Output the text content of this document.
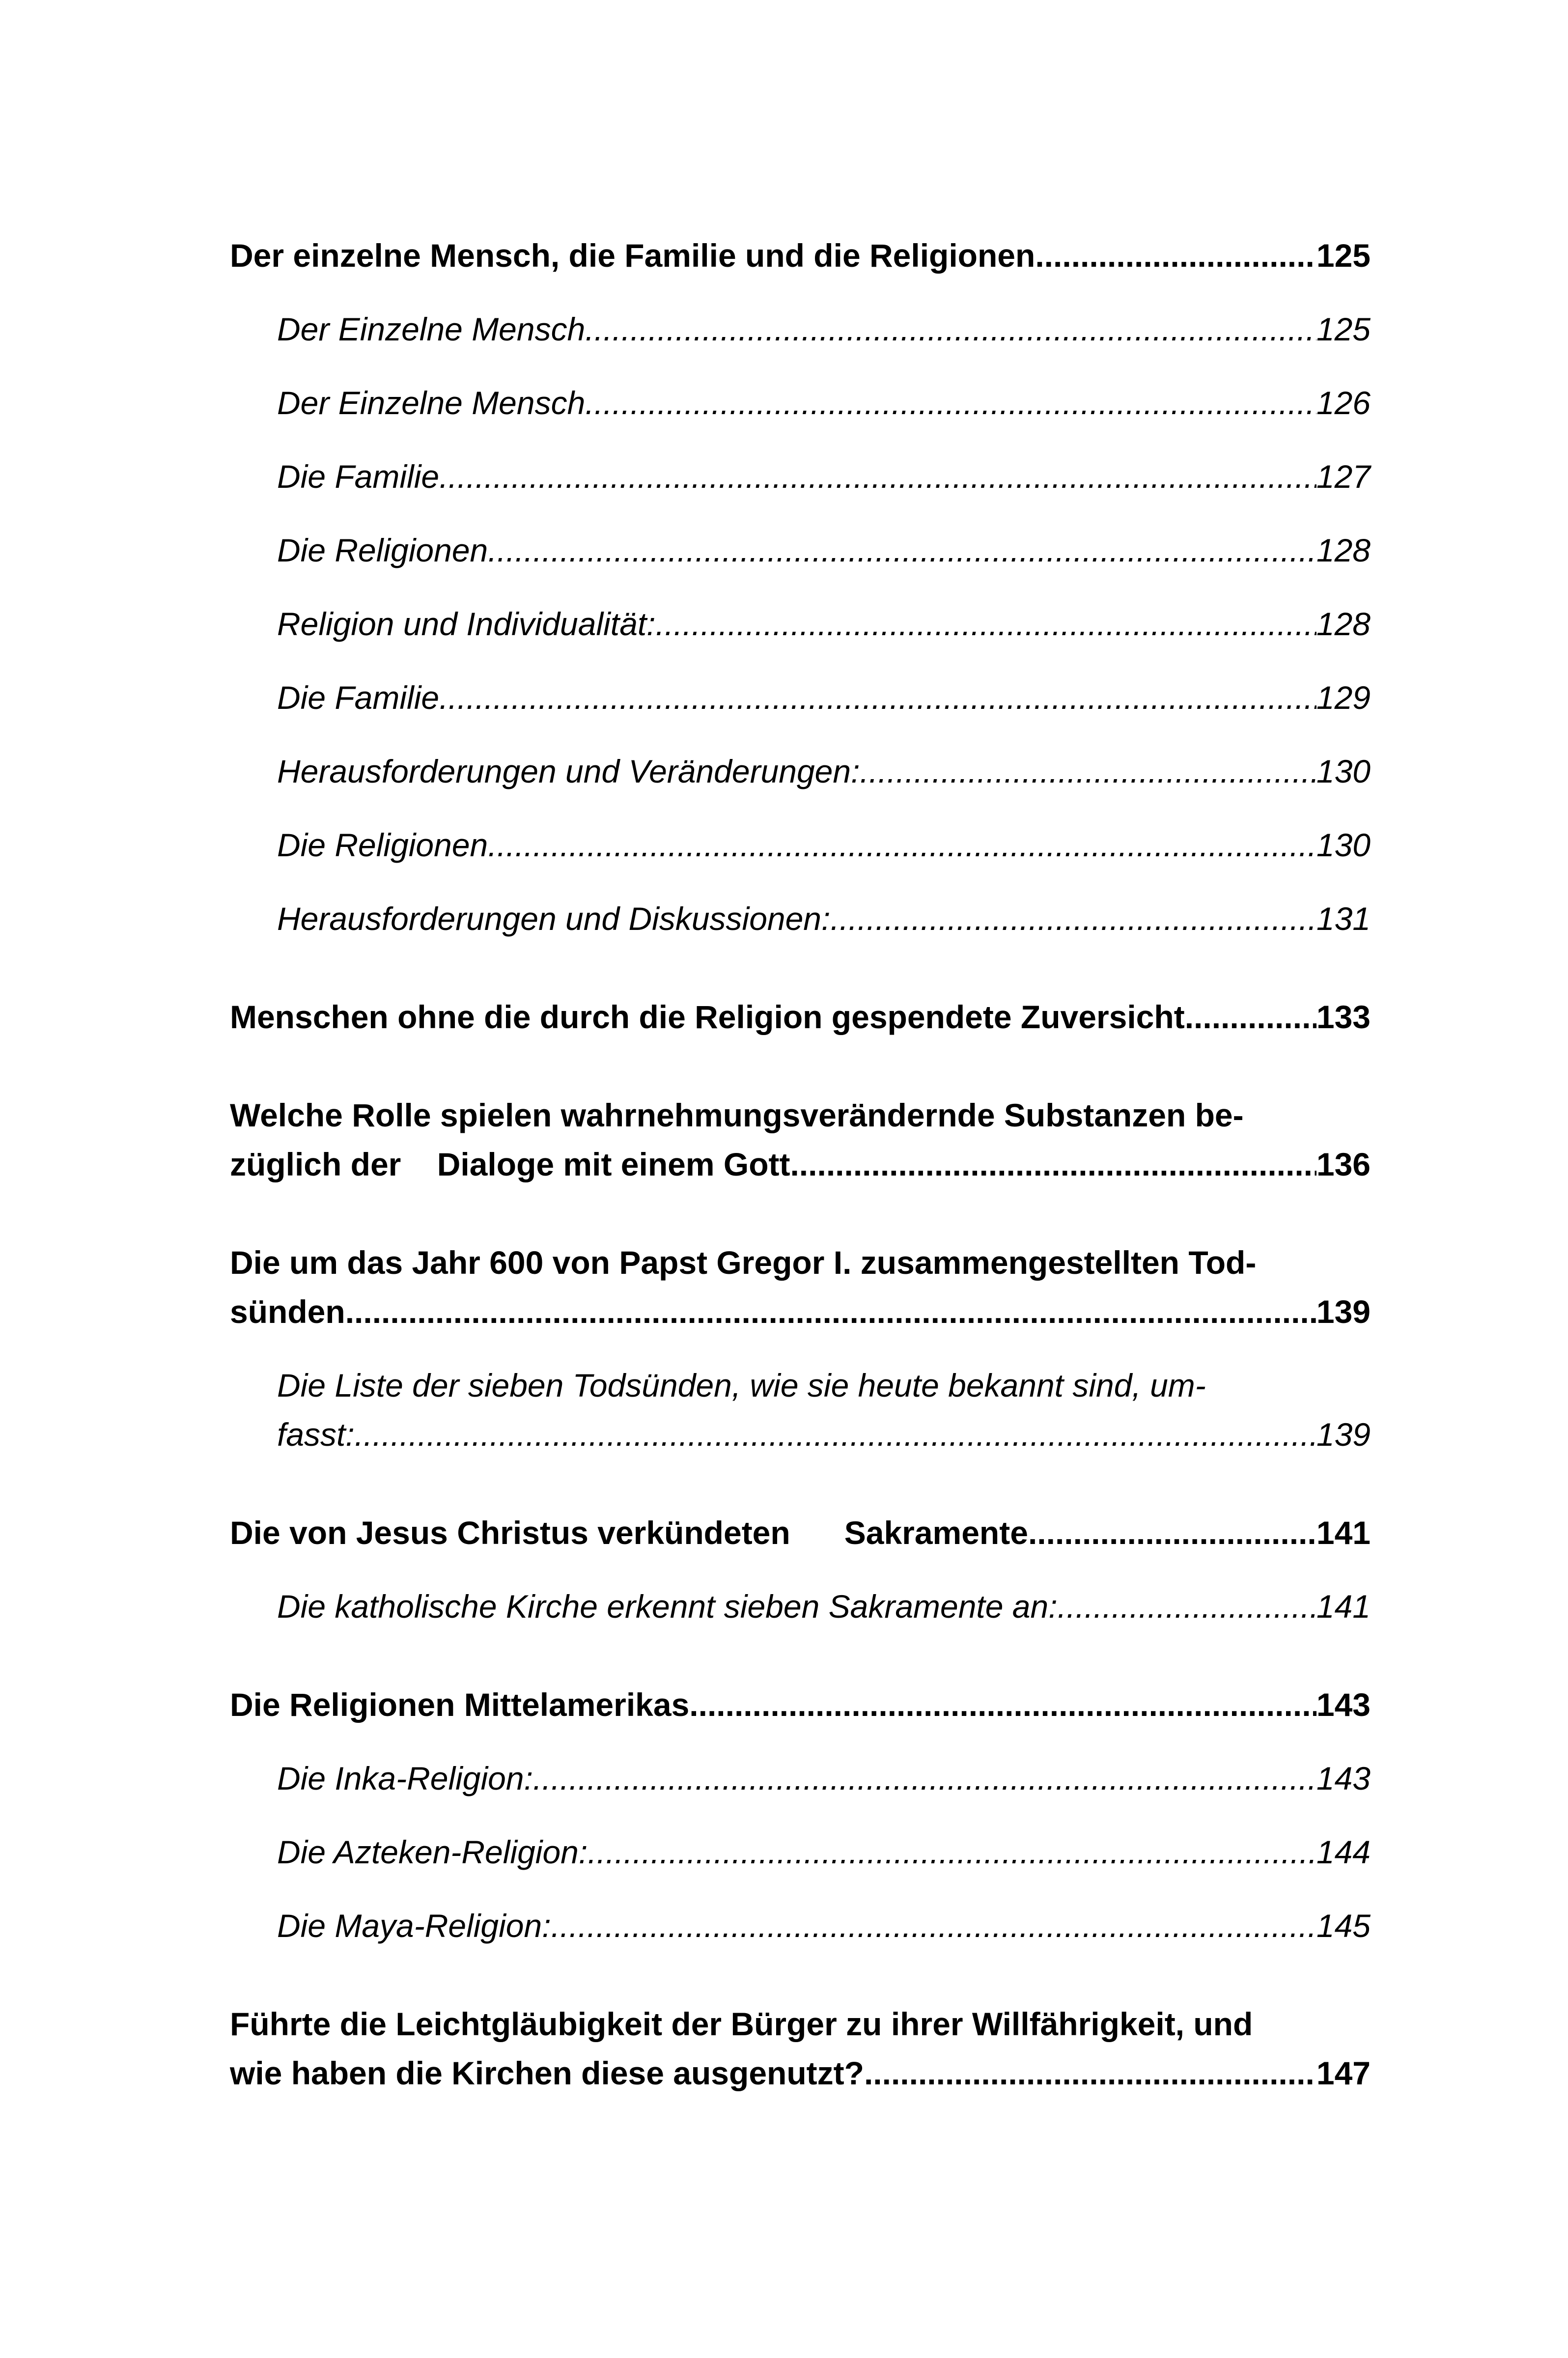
Der einzelne Mensch, die Familie und die Religionen .....	125
Der Einzelne Mensch .....	125
Der Einzelne Mensch .....	126
Die Familie .....	127
Die Religionen .....	128
Religion und Individualität: .....	128
Die Familie .....	129
Herausforderungen und Veränderungen: .....	130
Die Religionen .....	130
Herausforderungen und Diskussionen: .....	131
Menschen ohne die durch die Religion gespendete Zuversicht .....	133
Welche Rolle spielen wahrnehmungsverändernde Substanzen be-
züglich der    Dialoge mit einem Gott .....	136
Die um das Jahr 600 von Papst Gregor I. zusammengestellten Tod-
sünden .....	139
Die Liste der sieben Todsünden, wie sie heute bekannt sind, um-
fasst: .....	139
Die von Jesus Christus verkündeten      Sakramente .....	141
Die katholische Kirche erkennt sieben Sakramente an: .....	141
Die Religionen Mittelamerikas .....	143
Die Inka-Religion: .....	143
Die Azteken-Religion: .....	144
Die Maya-Religion: .....	145
Führte die Leichtgläubigkeit der Bürger zu ihrer Willfährigkeit, und
wie haben die Kirchen diese ausgenutzt? .....	147
